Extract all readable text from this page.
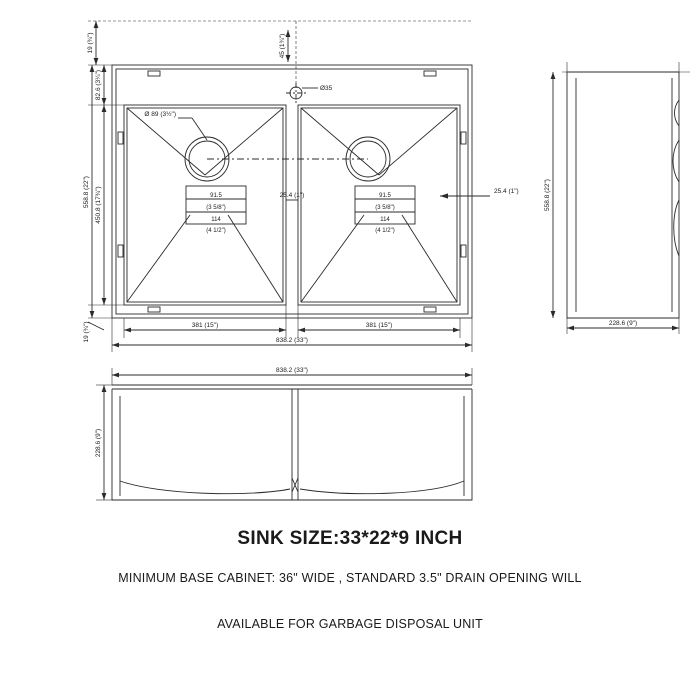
19 (¾")
82.6 (3¼")
450.8 (17¾")
558.8 (22")
45 (1¾")
19 (¾")
Ø35
Ø 89 (3½")
91.5
(3 5/8")
114
(4 1/2")
91.5
(3 5/8")
114
(4 1/2")
25.4 (1")
25.4 (1")
381 (15")	381 (15")
838.2 (33")
558.8 (22")
228.6 (9")
838.2 (33")
228.6 (9")
SINK SIZE:33*22*9 INCH
MINIMUM BASE CABINET: 36" WIDE , STANDARD 3.5" DRAIN OPENING WILL
AVAILABLE FOR GARBAGE DISPOSAL UNIT
